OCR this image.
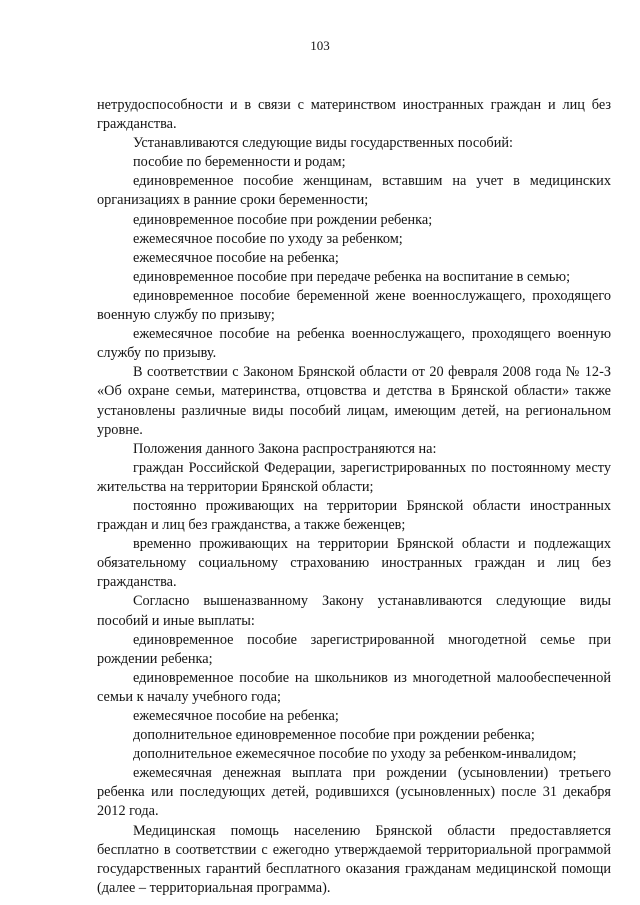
103

нетрудоспособности и в связи с материнством иностранных граждан и лиц без гражданства.

Устанавливаются следующие виды государственных пособий:

пособие по беременности и родам;

единовременное пособие женщинам, вставшим на учет в медицинских организациях в ранние сроки беременности;

единовременное пособие при рождении ребенка;

ежемесячное пособие по уходу за ребенком;

ежемесячное пособие на ребенка;

единовременное пособие при передаче ребенка на воспитание в семью;

единовременное пособие беременной жене военнослужащего, проходящего военную службу по призыву;

ежемесячное пособие на ребенка военнослужащего, проходящего военную службу по призыву.

В соответствии с Законом Брянской области от 20 февраля 2008 года № 12-З «Об охране семьи, материнства, отцовства и детства в Брянской области» также установлены различные виды пособий лицам, имеющим детей, на региональном уровне.

Положения данного Закона распространяются на:

граждан Российской Федерации, зарегистрированных по постоянному месту жительства на территории Брянской области;

постоянно проживающих на территории Брянской области иностранных граждан и лиц без гражданства, а также беженцев;

временно проживающих на территории Брянской области и подлежащих обязательному социальному страхованию иностранных граждан и лиц без гражданства.

Согласно вышеназванному Закону устанавливаются следующие виды пособий и иные выплаты:

единовременное пособие зарегистрированной многодетной семье при рождении ребенка;

единовременное пособие на школьников из многодетной малообеспеченной семьи к началу учебного года;

ежемесячное пособие на ребенка;

дополнительное единовременное пособие при рождении ребенка;

дополнительное ежемесячное пособие по уходу за ребенком-инвалидом;

ежемесячная денежная выплата при рождении (усыновлении) третьего ребенка или последующих детей, родившихся (усыновленных) после 31 декабря 2012 года.

Медицинская помощь населению Брянской области предоставляется бесплатно в соответствии с ежегодно утверждаемой территориальной программой государственных гарантий бесплатного оказания гражданам медицинской помощи (далее – территориальная программа).
